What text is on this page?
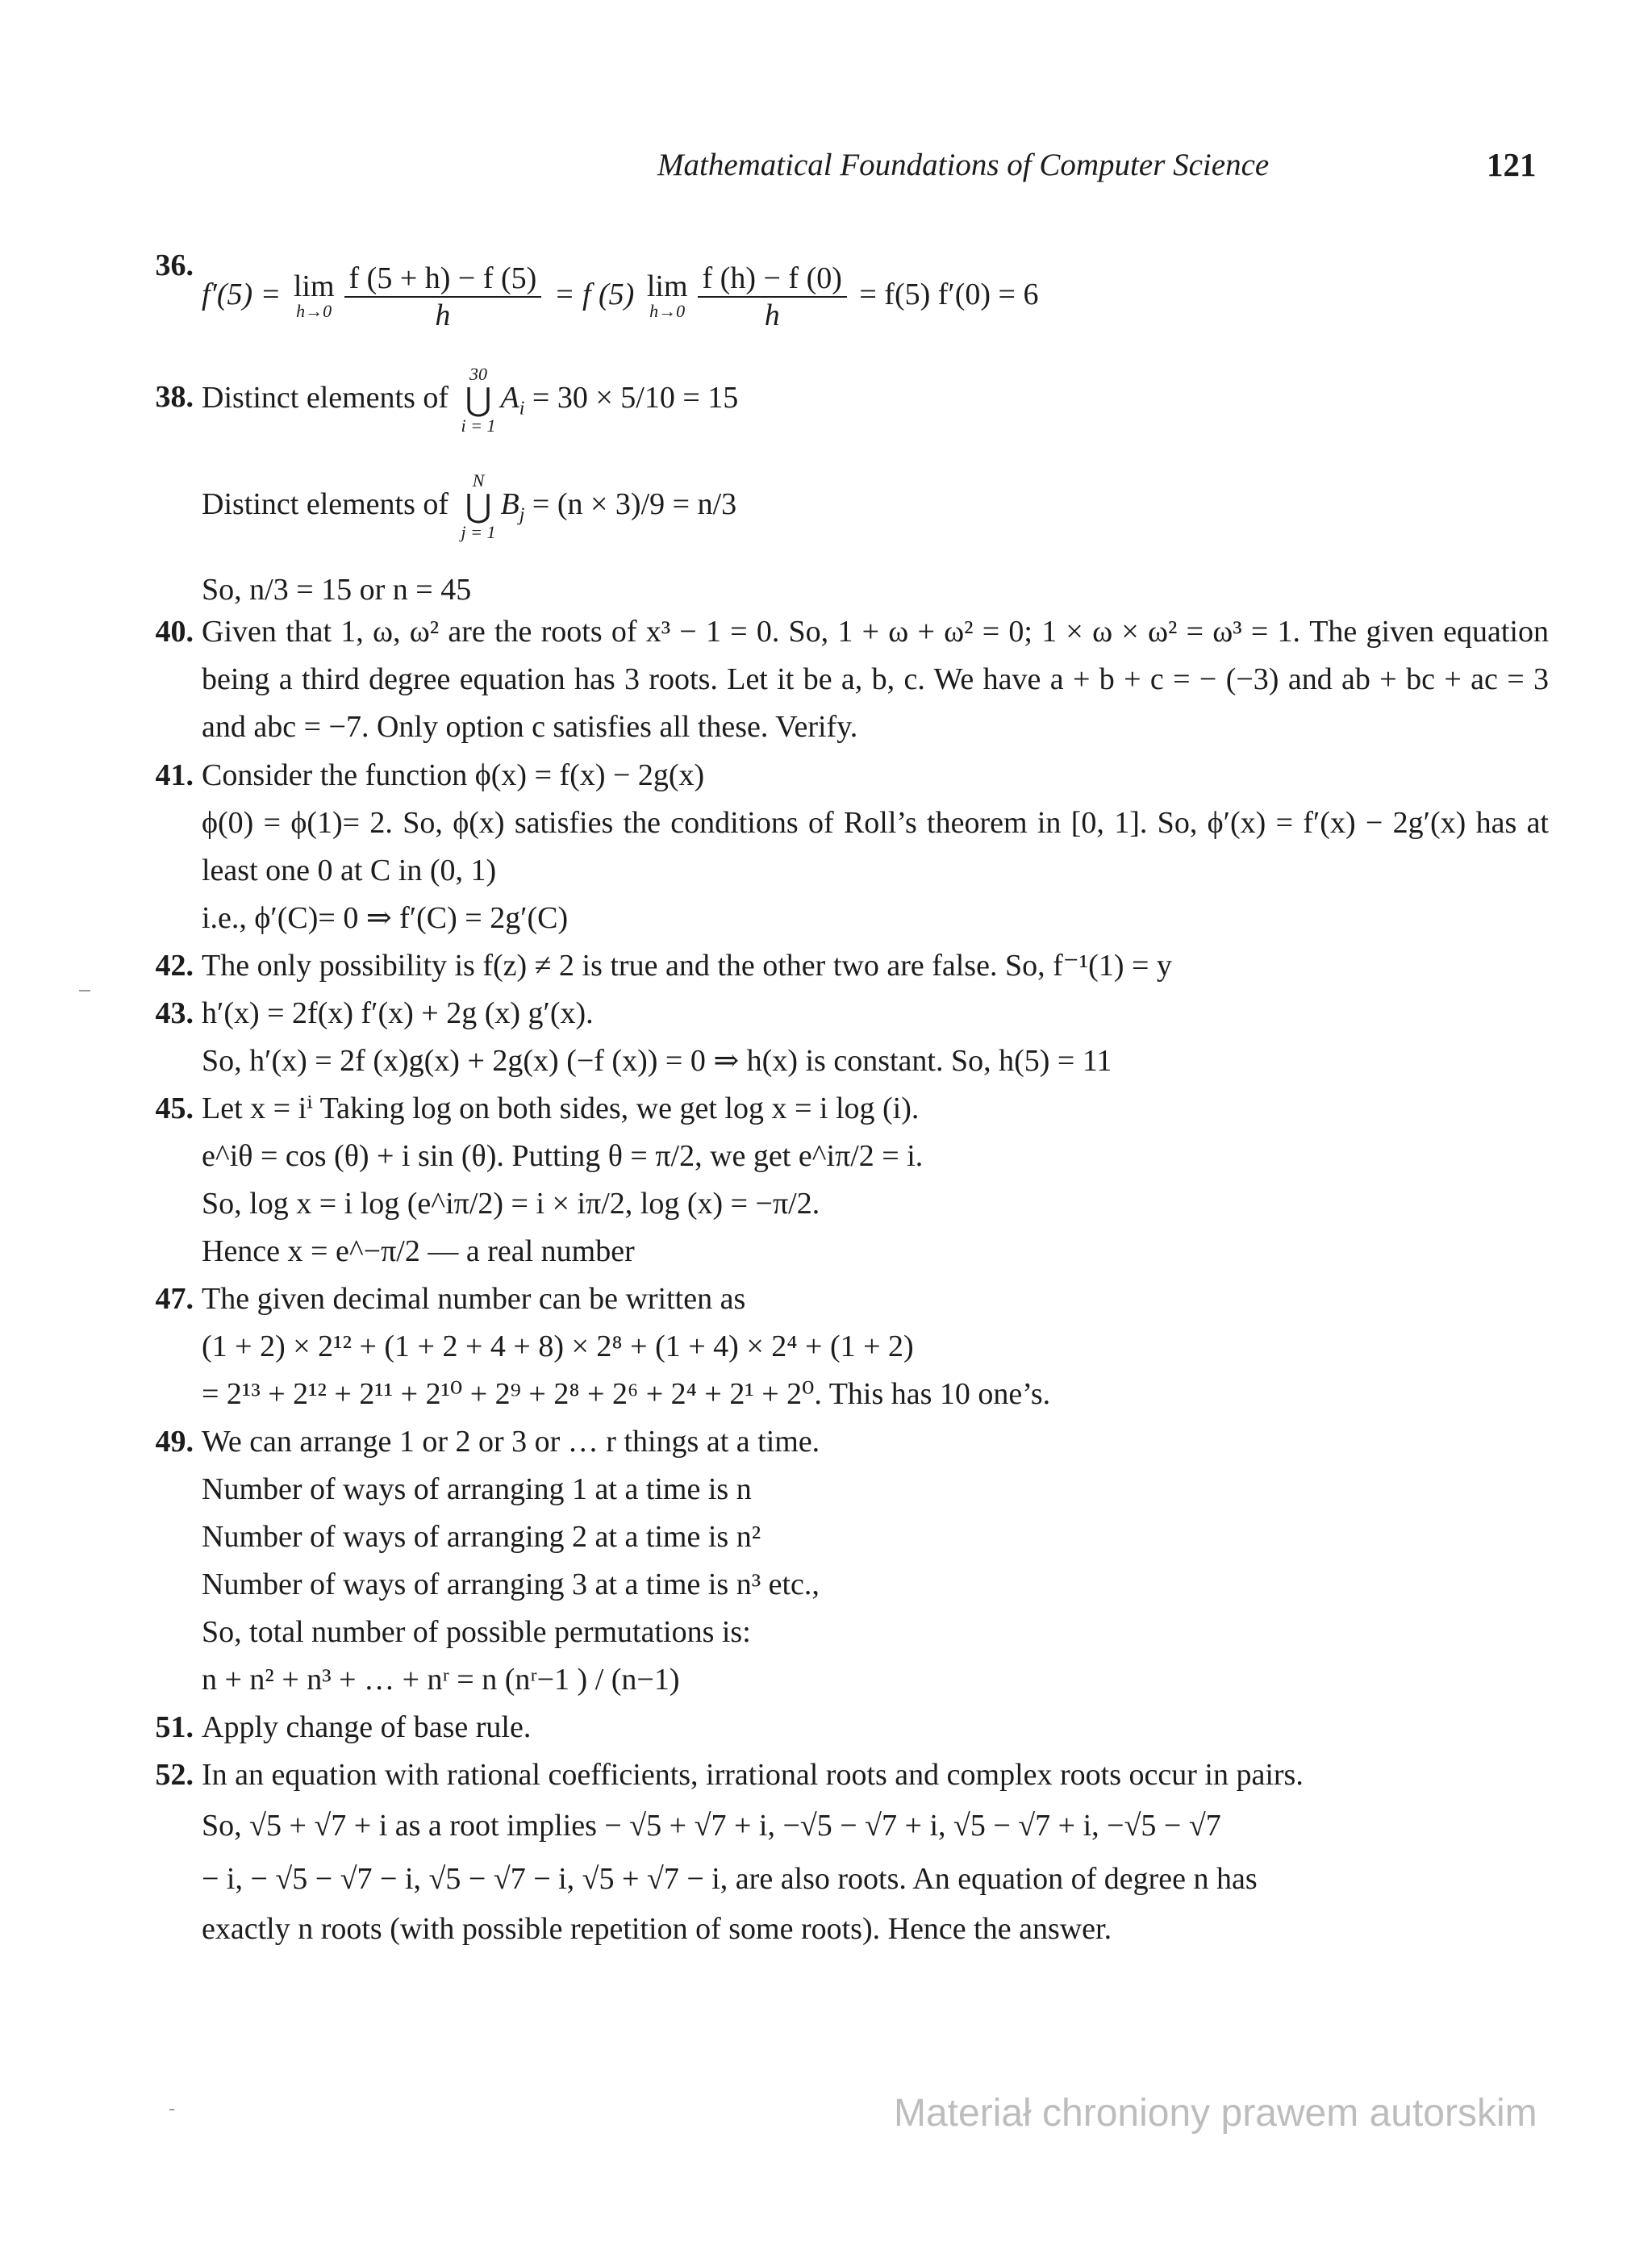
Mathematical Foundations of Computer Science	121
36.
f′(5) = lim
$h\to 0 \frac{f (5 + h) - f (5)}{h} = f$ (5) lim
$h\to 0 \frac{f (h) - f (0)}{h} = f(5) f'(0) = 6$
38. Distinct elements of
30
⋃
i = 1
$A_i = 30 \times 5/10 = 15$
Distinct elements of
N
⋃
j = 1
$B_j = (n \times 3)/9 = n/3$
So, n/3 = 15 or n = 45
40. Given that 1, ω, ω² are the roots of x³ − 1 = 0. So, 1 + ω + ω² = 0; 1 × ω × ω² = ω³ = 1. The given equation being a third degree equation has 3 roots. Let it be a, b, c. We have a + b + c = − (−3) and ab + bc + ac = 3 and abc = −7. Only option c satisfies all these. Verify.
41. Consider the function ϕ(x) = f(x) − 2g(x)
ϕ(0) = ϕ(1)= 2. So, ϕ(x) satisfies the conditions of Roll’s theorem in [0, 1]. So, ϕ′(x) = f′(x) − 2g′(x) has at least one 0 at C in (0, 1)
i.e., ϕ′(C)= 0 ⇒ f′(C) = 2g′(C)
42. The only possibility is f(z) ≠ 2 is true and the other two are false. So, f⁻¹(1) = y
43. h′(x) = 2f(x) f′(x) + 2g (x) g′(x).
So, h′(x) = 2f (x)g(x) + 2g(x) (−f (x)) = 0 ⇒ h(x) is constant. So, h(5) = 11
45. Let x = iⁱ Taking log on both sides, we get log x = i log (i).
e^iθ = cos (θ) + i sin (θ). Putting θ = π/2, we get e^iπ/2 = i.
So, log x = i log (e^iπ/2) = i × iπ/2, log (x) = −π/2.
Hence x = e^−π/2 — a real number
47. The given decimal number can be written as
(1 + 2) × 2¹² + (1 + 2 + 4 + 8) × 2⁸ + (1 + 4) × 2⁴ + (1 + 2)
= 2¹³ + 2¹² + 2¹¹ + 2¹⁰ + 2⁹ + 2⁸ + 2⁶ + 2⁴ + 2¹ + 2⁰. This has 10 one’s.
49. We can arrange 1 or 2 or 3 or … r things at a time.
Number of ways of arranging 1 at a time is n
Number of ways of arranging 2 at a time is n²
Number of ways of arranging 3 at a time is n³ etc.,
So, total number of possible permutations is:
n + n² + n³ + … + nʳ = n (nʳ−1 ) / (n−1)
51. Apply change of base rule.
52. In an equation with rational coefficients, irrational roots and complex roots occur in pairs.
So, √5 + √7 + i as a root implies − √5 + √7 + i, −√5 − √7 + i, √5 − √7 + i, −√5 − √7
− i, − √5 − √7 − i, √5 − √7 − i, √5 + √7 − i, are also roots. An equation of degree n has
exactly n roots (with possible repetition of some roots). Hence the answer.
Materiał chroniony prawem autorskim
